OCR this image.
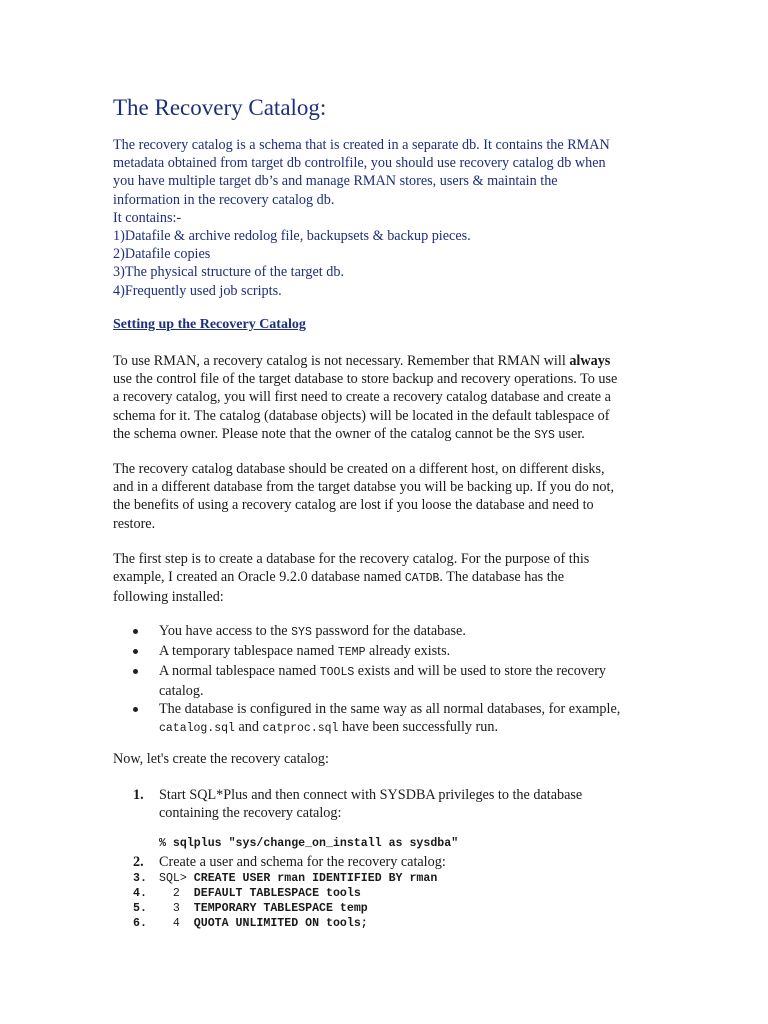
The Recovery Catalog:
The recovery catalog is a schema that is created in a separate db. It contains the RMAN
metadata obtained from target db controlfile, you should use recovery catalog db when
you have multiple target db’s and manage RMAN stores, users & maintain the
information in the recovery catalog db.
It contains:-
1)Datafile & archive redolog file, backupsets & backup pieces.
2)Datafile copies
3)The physical structure of the target db.
4)Frequently used job scripts.
Setting up the Recovery Catalog
To use RMAN, a recovery catalog is not necessary. Remember that RMAN will always
use the control file of the target database to store backup and recovery operations. To use
a recovery catalog, you will first need to create a recovery catalog database and create a
schema for it. The catalog (database objects) will be located in the default tablespace of
the schema owner. Please note that the owner of the catalog cannot be the SYS user.
The recovery catalog database should be created on a different host, on different disks,
and in a different database from the target databse you will be backing up. If you do not,
the benefits of using a recovery catalog are lost if you loose the database and need to
restore.
The first step is to create a database for the recovery catalog. For the purpose of this
example, I created an Oracle 9.2.0 database named CATDB. The database has the
following installed:
You have access to the SYS password for the database.
A temporary tablespace named TEMP already exists.
A normal tablespace named TOOLS exists and will be used to store the recovery
catalog.
The database is configured in the same way as all normal databases, for example,
catalog.sql and catproc.sql have been successfully run.
Now, let's create the recovery catalog:
1. Start SQL*Plus and then connect with SYSDBA privileges to the database
containing the recovery catalog:
% sqlplus "sys/change_on_install as sysdba"
2. Create a user and schema for the recovery catalog:
3. SQL> CREATE USER rman IDENTIFIED BY rman
4.  2  DEFAULT TABLESPACE tools
5.  3  TEMPORARY TABLESPACE temp
6.  4  QUOTA UNLIMITED ON tools;
